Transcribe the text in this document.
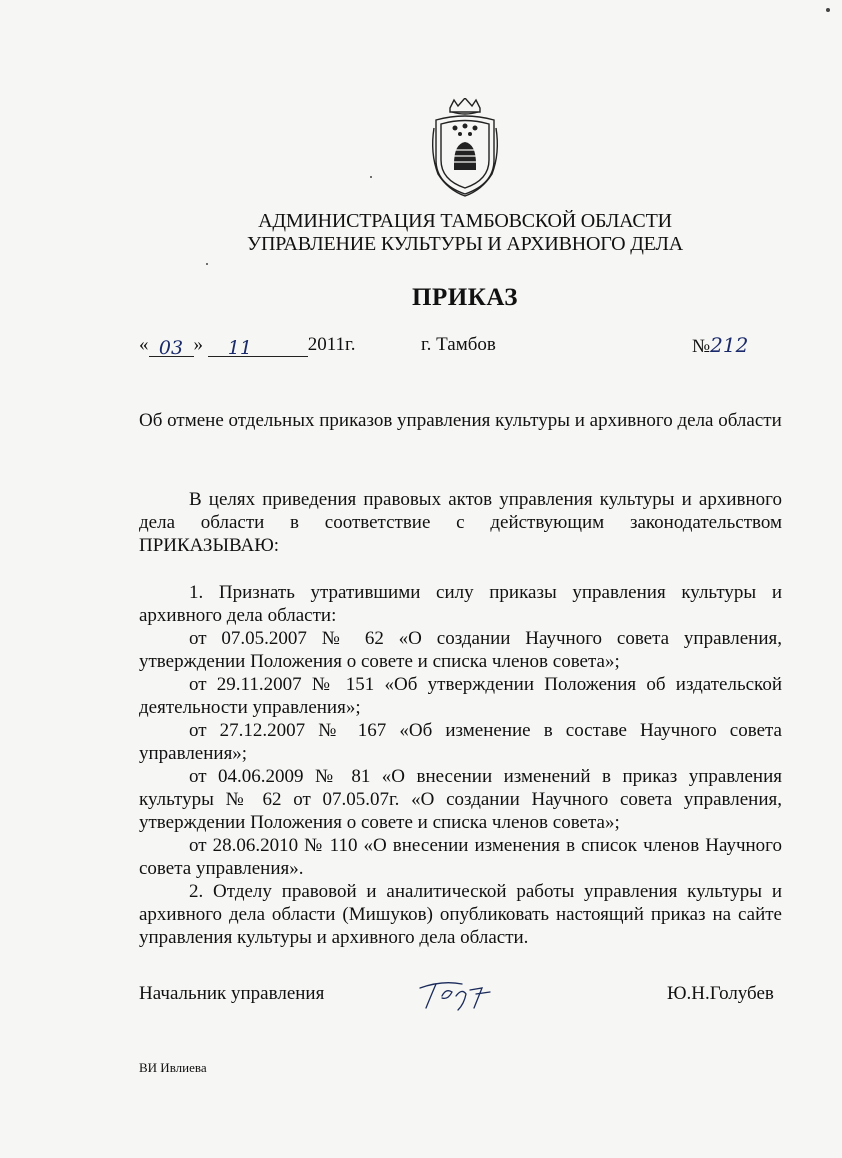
АДМИНИСТРАЦИЯ ТАМБОВСКОЙ ОБЛАСТИ
УПРАВЛЕНИЕ КУЛЬТУРЫ И АРХИВНОГО ДЕЛА
ПРИКАЗ
« 03 » 11	2011г.	г. Тамбов	№212
Об отмене отдельных приказов управления культуры и архивного дела области

В целях приведения правовых актов управления культуры и архивного дела области в соответствие с действующим законодательством ПРИКАЗЫВАЮ:

1. Признать утратившими силу приказы управления культуры и архивного дела области:

от 07.05.2007 № 62 «О создании Научного совета управления, утверждении Положения о совете и списка членов совета»;

от 29.11.2007 № 151 «Об утверждении Положения об издательской деятельности управления»;

от 27.12.2007 № 167 «Об изменение в составе Научного совета управления»;

от 04.06.2009 № 81 «О внесении изменений в приказ управления культуры № 62 от 07.05.07г. «О создании Научного совета управления, утверждении Положения о совете и списка членов совета»;

от 28.06.2010 № 110 «О внесении изменения в список членов Научного совета управления».

2. Отделу правовой и аналитической работы управления культуры и архивного дела области (Мишуков) опубликовать настоящий приказ на сайте управления культуры и архивного дела области.

Начальник управления	Ю.Н.Голубев
ВИ Ивлиева
